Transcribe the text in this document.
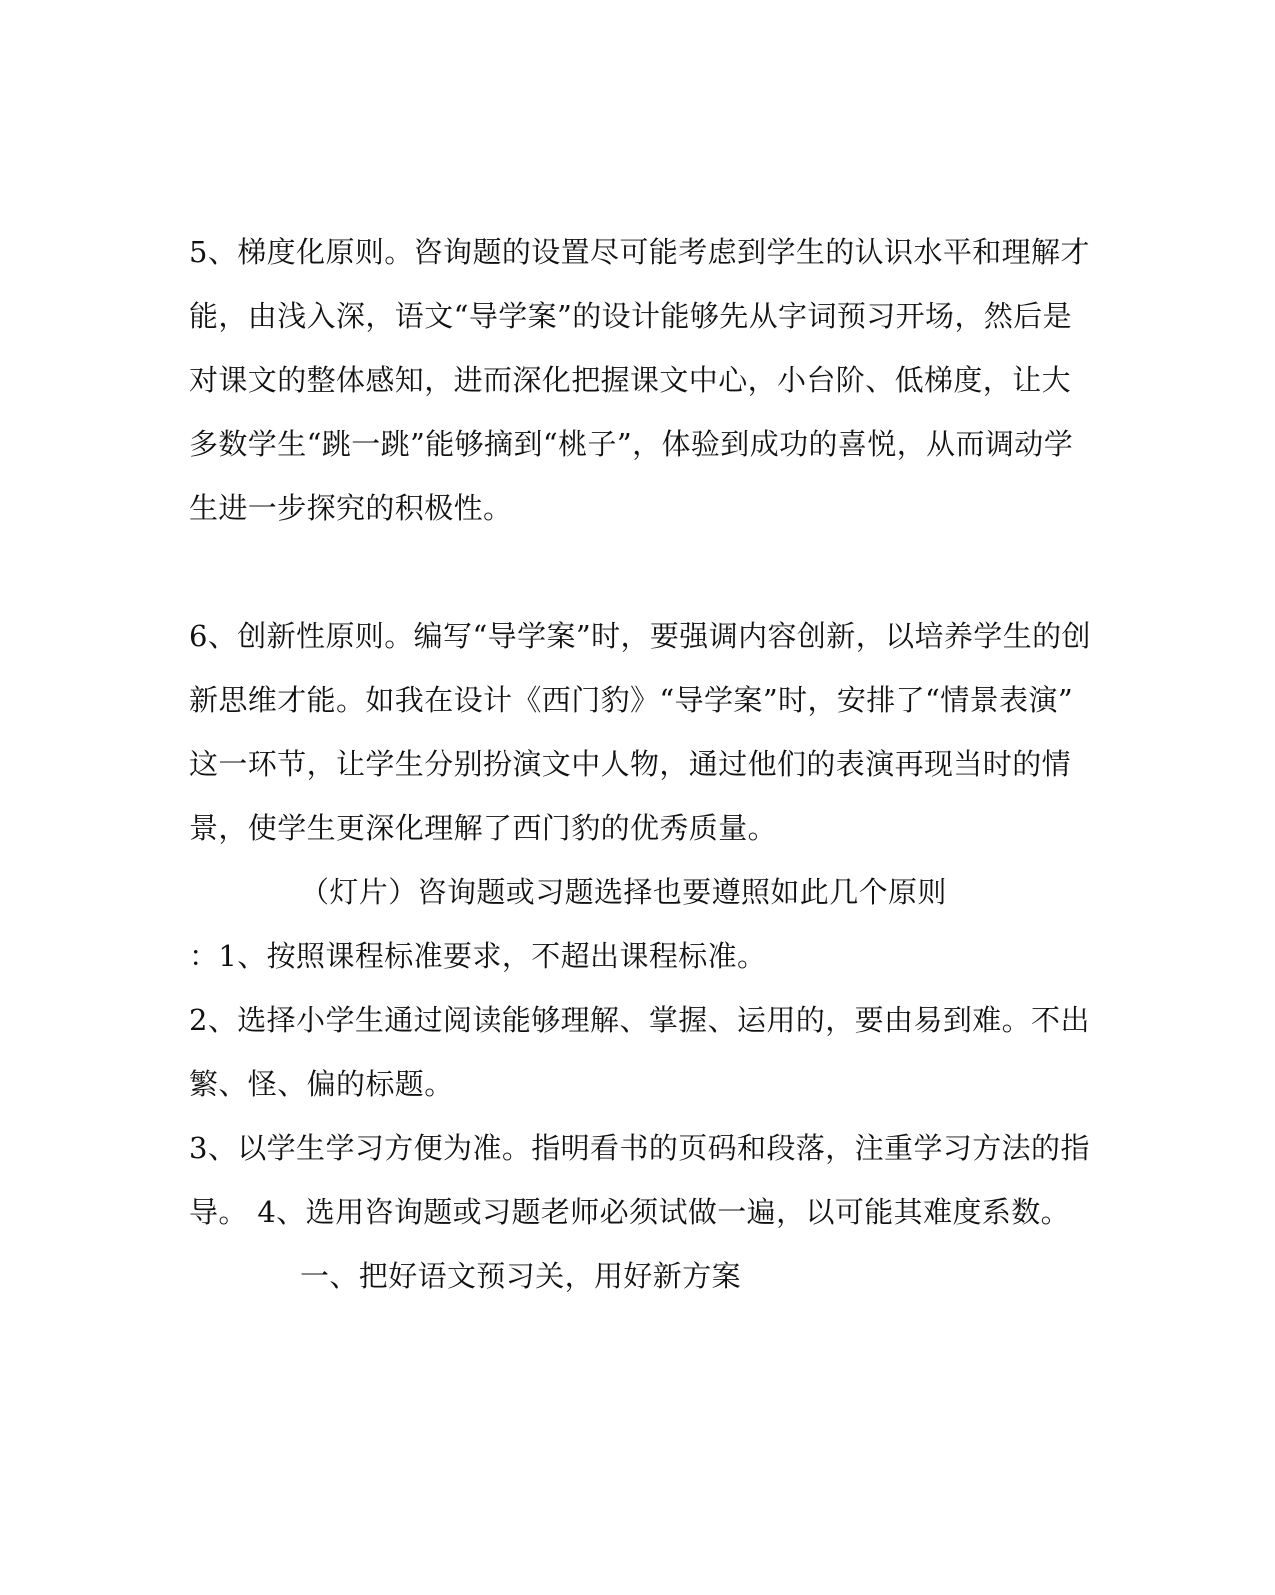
5、梯度化原则。咨询题的设置尽可能考虑到学生的认识水平和理解才
能，由浅入深，语文“导学案”的设计能够先从字词预习开场，然后是
对课文的整体感知，进而深化把握课文中心，小台阶、低梯度，让大
多数学生“跳一跳”能够摘到“桃子”，体验到成功的喜悦，从而调动学
生进一步探究的积极性。
6、创新性原则。编写“导学案”时，要强调内容创新，以培养学生的创
新思维才能。如我在设计《西门豹》“导学案”时，安排了“情景表演”
这一环节，让学生分别扮演文中人物，通过他们的表演再现当时的情
景，使学生更深化理解了西门豹的优秀质量。
（灯片）咨询题或习题选择也要遵照如此几个原则
：1、按照课程标准要求，不超出课程标准。
2、选择小学生通过阅读能够理解、掌握、运用的，要由易到难。不出
繁、怪、偏的标题。
3、以学生学习方便为准。指明看书的页码和段落，注重学习方法的指
导。 4、选用咨询题或习题老师必须试做一遍，以可能其难度系数。
一、把好语文预习关，用好新方案
